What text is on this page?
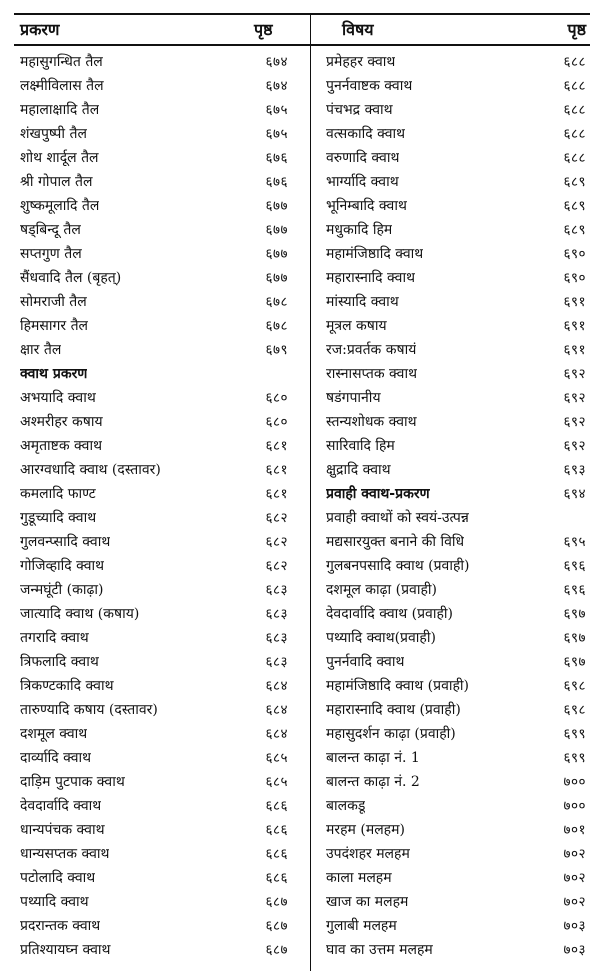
प्रकरण	पृष्ठ	विषय	पृष्ठ
महासुगन्धित तैल	६७४
लक्ष्मीविलास तैल	६७४
महालाक्षादि तैल	६७५
शंखपुष्पी तैल	६७५
शोथ शार्दूल तैल	६७६
श्री गोपाल तैल	६७६
शुष्कमूलादि तैल	६७७
षड्बिन्दू तैल	६७७
सप्तगुण तैल	६७७
सैंधवादि तैल (बृहत्)	६७७
सोमराजी तैल	६७८
हिमसागर तैल	६७८
क्षार तैल	६७९
क्वाथ प्रकरण
अभयादि क्वाथ	६८०
अश्मरीहर कषाय	६८०
अमृताष्टक क्वाथ	६८१
आरग्वधादि क्वाथ (दस्तावर)	६८१
कमलादि फाण्ट	६८१
गुडूच्यादि क्वाथ	६८२
गुलवन्प्सादि क्वाथ	६८२
गोजिव्हादि क्वाथ	६८२
जन्मघूंटी (काढ़ा)	६८३
जात्यादि क्वाथ (कषाय)	६८३
तगरादि क्वाथ	६८३
त्रिफलादि क्वाथ	६८३
त्रिकण्टकादि क्वाथ	६८४
तारुण्यादि कषाय (दस्तावर)	६८४
दशमूल क्वाथ	६८४
दार्व्यादि क्वाथ	६८५
दाड़िम पुटपाक क्वाथ	६८५
देवदार्वादि क्वाथ	६८६
धान्यपंचक क्वाथ	६८६
धान्यसप्तक क्वाथ	६८६
पटोलादि क्वाथ	६८६
पथ्यादि क्वाथ	६८७
प्रदरान्तक क्वाथ	६८७
प्रतिश्यायघ्न क्वाथ	६८७
प्रमेहहर क्वाथ	६८८
पुनर्नवाष्टक क्वाथ	६८८
पंचभद्र क्वाथ	६८८
वत्सकादि क्वाथ	६८८
वरुणादि क्वाथ	६८८
भार्ग्यादि क्वाथ	६८९
भूनिम्बादि क्वाथ	६८९
मधुकादि हिम	६८९
महामंजिष्ठादि क्वाथ	६९०
महारास्नादि क्वाथ	६९०
मांस्यादि क्वाथ	६९१
मूत्रल कषाय	६९१
रज:प्रवर्तक कषायं	६९१
रास्नासप्तक क्वाथ	६९२
षडंगपानीय	६९२
स्तन्यशोधक क्वाथ	६९२
सारिवादि हिम	६९२
क्षुद्रादि क्वाथ	६९३
प्रवाही क्वाथ-प्रकरण	६९४
प्रवाही क्वाथों को स्वयं-उत्पन्न
मद्यसारयुक्त बनाने की विधि	६९५
गुलबनपसादि क्वाथ (प्रवाही)	६९६
दशमूल काढ़ा (प्रवाही)	६९६
देवदार्वादि क्वाथ (प्रवाही)	६९७
पथ्यादि क्वाथ(प्रवाही)	६९७
पुनर्नवादि क्वाथ	६९७
महामंजिष्ठादि क्वाथ (प्रवाही)	६९८
महारास्नादि क्वाथ (प्रवाही)	६९८
महासुदर्शन काढ़ा (प्रवाही)	६९९
बालन्त काढ़ा नं. 1	६९९
बालन्त काढ़ा नं. 2	७००
बालकडू	७००
मरहम (मलहम)	७०१
उपदंशहर मलहम	७०२
काला मलहम	७०२
खाज का मलहम	७०२
गुलाबी मलहम	७०३
घाव का उत्तम मलहम	७०३
